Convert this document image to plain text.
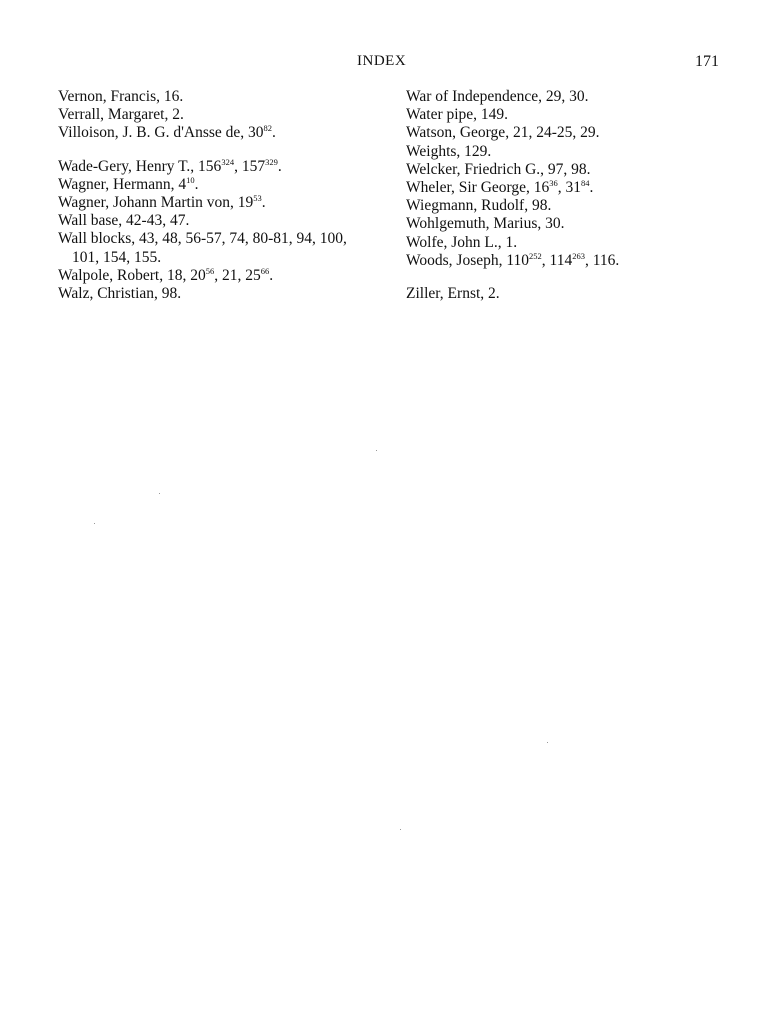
INDEX	171
Vernon, Francis, 16.
Verrall, Margaret, 2.
Villoison, J. B. G. d'Ansse de, $30^{82}$.
Wade-Gery, Henry T., $156^{324}$, $157^{329}$.
Wagner, Hermann, $4^{10}$.
Wagner, Johann Martin von, $19^{53}$.
Wall base, 42-43, 47.
Wall blocks, 43, 48, 56-57, 74, 80-81, 94, 100, 101, 154, 155.
Walpole, Robert, 18, $20^{56}$, 21, $25^{66}$.
Walz, Christian, 98.
War of Independence, 29, 30.
Water pipe, 149.
Watson, George, 21, 24-25, 29.
Weights, 129.
Welcker, Friedrich G., 97, 98.
Wheler, Sir George, $16^{36}$, $31^{84}$.
Wiegmann, Rudolf, 98.
Wohlgemuth, Marius, 30.
Wolfe, John L., 1.
Woods, Joseph, $110^{252}$, $114^{263}$, 116.
Ziller, Ernst, 2.
